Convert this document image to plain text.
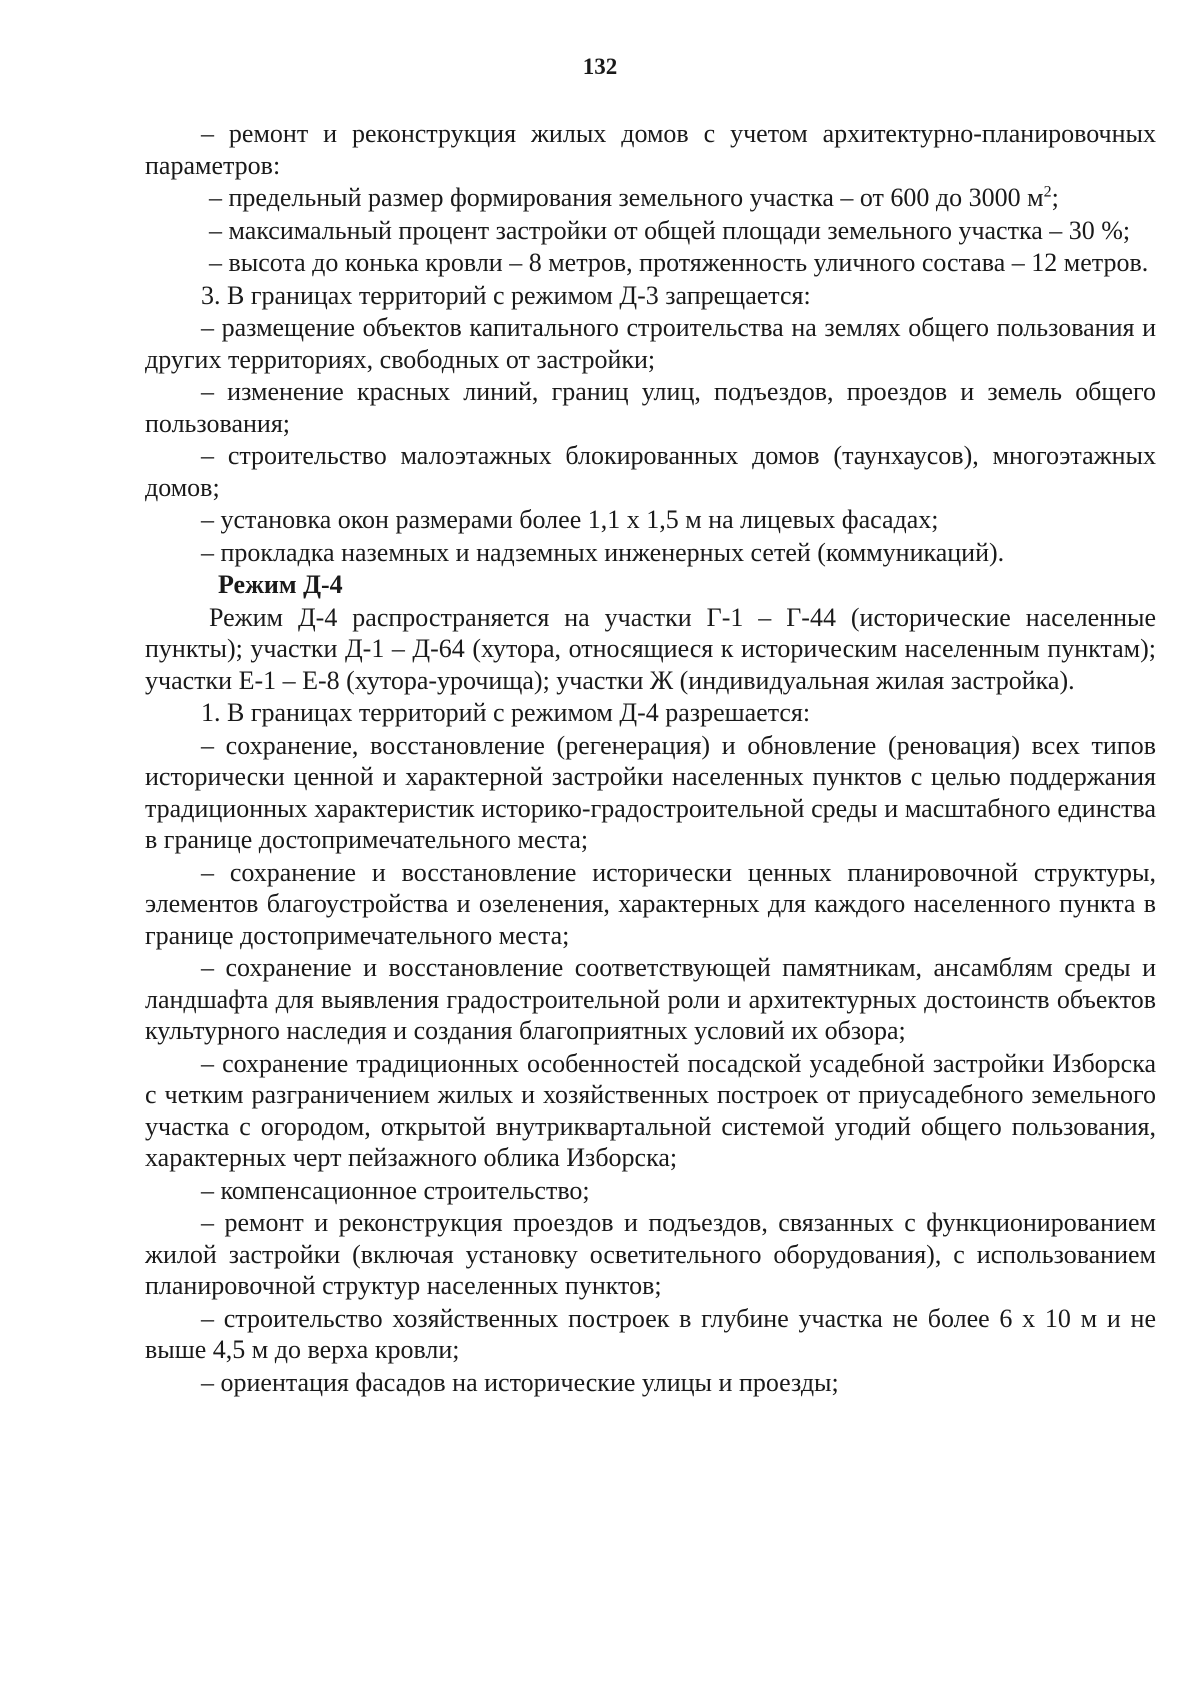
132

– ремонт и реконструкция жилых домов с учетом архитектурно-планировочных параметров:

– предельный размер формирования земельного участка – от 600 до 3000 $м^2$;

– максимальный процент застройки от общей площади земельного участка – 30 %;

– высота до конька кровли – 8 метров, протяженность уличного состава – 12 метров.

3. В границах территорий с режимом Д-3 запрещается:

– размещение объектов капитального строительства на землях общего пользования и других территориях, свободных от застройки;

– изменение красных линий, границ улиц, подъездов, проездов и земель общего пользования;

– строительство малоэтажных блокированных домов (таунхаусов), многоэтажных домов;

– установка окон размерами более 1,1 х 1,5 м на лицевых фасадах;

– прокладка наземных и надземных инженерных сетей (коммуникаций).

Режим Д-4

Режим Д-4 распространяется на участки Г-1 – Г-44 (исторические населенные пункты); участки Д-1 – Д-64 (хутора, относящиеся к историческим населенным пунктам); участки Е-1 – Е-8 (хутора-урочища); участки Ж (индивидуальная жилая застройка).

1. В границах территорий с режимом Д-4 разрешается:

– сохранение, восстановление (регенерация) и обновление (реновация) всех типов исторически ценной и характерной застройки населенных пунктов с целью поддержания традиционных характеристик историко-градостроительной среды и масштабного единства в границе достопримечательного места;

– сохранение и восстановление исторически ценных планировочной структуры, элементов благоустройства и озеленения, характерных для каждого населенного пункта в границе достопримечательного места;

– сохранение и восстановление соответствующей памятникам, ансамблям среды и ландшафта для выявления градостроительной роли и архитектурных достоинств объектов культурного наследия и создания благоприятных условий их обзора;

– сохранение традиционных особенностей посадской усадебной застройки Изборска с четким разграничением жилых и хозяйственных построек от приусадебного земельного участка с огородом, открытой внутриквартальной системой угодий общего пользования, характерных черт пейзажного облика Изборска;

– компенсационное строительство;

– ремонт и реконструкция проездов и подъездов, связанных с функционированием жилой застройки (включая установку осветительного оборудования), с использованием планировочной структур населенных пунктов;

– строительство хозяйственных построек в глубине участка не более 6 х 10 м и не выше 4,5 м до верха кровли;

– ориентация фасадов на исторические улицы и проезды;
